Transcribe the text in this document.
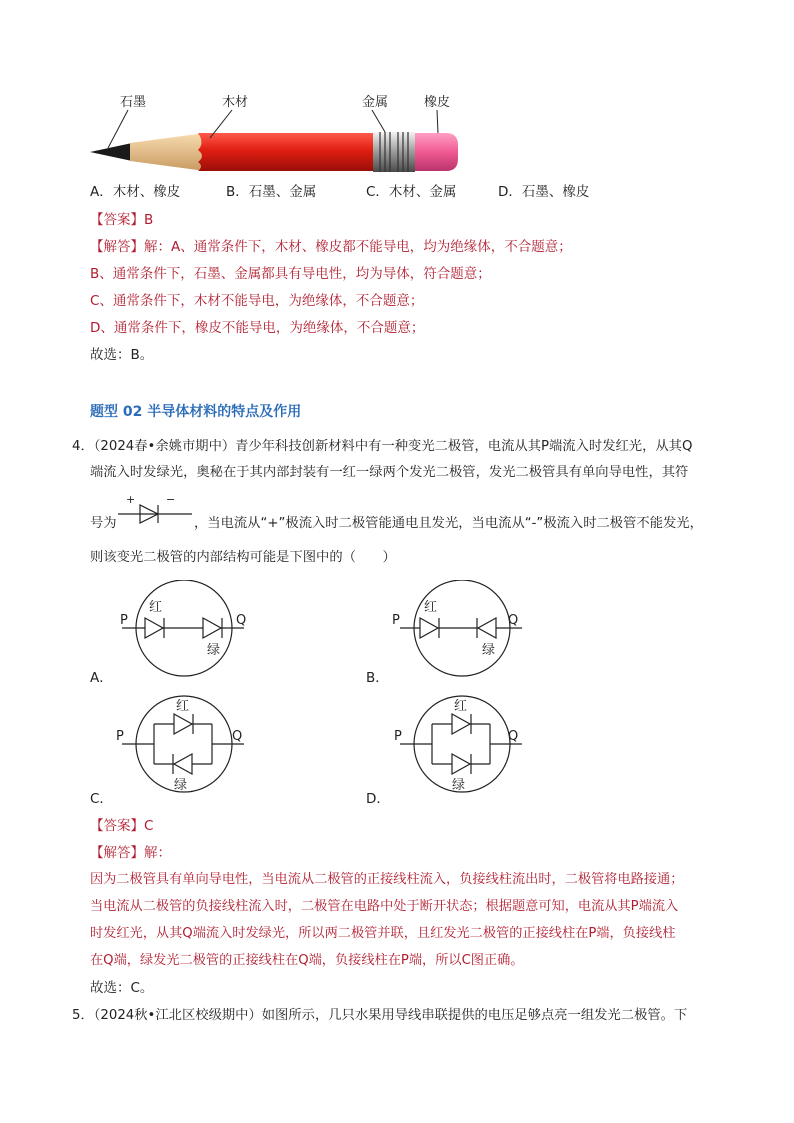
石墨	木材	金属	橡皮
A．木材、橡皮	B．石墨、金属	C．木材、金属	D．石墨、橡皮
【答案】B
【解答】解：A、通常条件下，木材、橡皮都不能导电，均为绝缘体，不合题意；
B、通常条件下，石墨、金属都具有导电性，均为导体，符合题意；
C、通常条件下，木材不能导电，为绝缘体，不合题意；
D、通常条件下，橡皮不能导电，为绝缘体，不合题意；
故选：B。
题型 02 半导体材料的特点及作用
4．（2024春•余姚市期中）青少年科技创新材料中有一种变光二极管，电流从其P端流入时发红光，从其Q
端流入时发绿光，奥秘在于其内部封装有一红一绿两个发光二极管，发光二极管具有单向导电性，其符
号为
+	−
，当电流从“+”极流入时二极管能通电且发光，当电流从“-”极流入时二极管不能发光，
则该变光二极管的内部结构可能是下图中的（　　）
P	Q
红
绿
A．
P	Q
红
绿
B．
P	Q
红
绿
C．
P	Q
红
绿
D．
【答案】C
【解答】解：
因为二极管具有单向导电性，当电流从二极管的正接线柱流入，负接线柱流出时，二极管将电路接通；
当电流从二极管的负接线柱流入时，二极管在电路中处于断开状态；根据题意可知，电流从其P端流入
时发红光，从其Q端流入时发绿光，所以两二极管并联，且红发光二极管的正接线柱在P端，负接线柱
在Q端，绿发光二极管的正接线柱在Q端，负接线柱在P端，所以C图正确。
故选：C。
5．（2024秋•江北区校级期中）如图所示，几只水果用导线串联提供的电压足够点亮一组发光二极管。下
